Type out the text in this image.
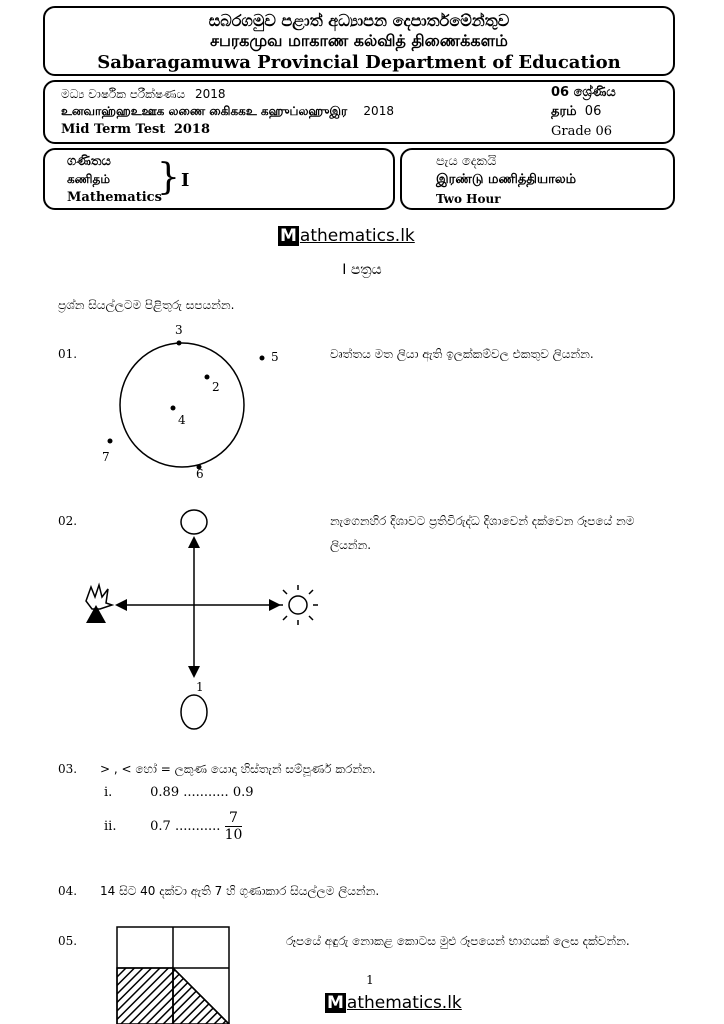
සබරගමුව පළාත් අධ්‍යාපන දෙපාර්තමේන්තුව
சபரகமுவ மாகாண கல்வித் திணைக்களம்
Sabaragamuwa Provincial Department of Education
මධ්‍ය වාර්ෂික පරීක්ෂණය 2018
உனவாஹ்ஹஉஊக லணை கிைககஉ கஹுப்லஹுஇர 2018
Mid Term Test 2018
06 ශ්‍රේණිය
தரம் 06
Grade 06
ගණිතය
கணிதம்
Mathematics
} I
පැය දෙකයි
இரண்டு மணித்தியாலம்
Two Hour
M athematics.lk
I පත්‍රය
ප්‍රශ්න සියල්ලටම පිළිතුරු සපයන්න.
01.	වෘත්තය මත ලියා ඇති ඉලක්කම්වල එකතුව ලියන්න.
3
5
2
4
7
6
02.	නැගෙනහිර දිශාවට ප්‍රතිවිරුද්ධ දිශාවෙන් දක්වෙන රූපයේ නම
ලියන්න.
1
03. > , < හෝ = ලකුණ යොදා හිස්තැන් සම්පූර්ණ කරන්න.
i.	0.89 ........... 0.9
ii.	0.7 ........... $\frac{7}{10}$
04. 14 සිට 40 දක්වා ඇති 7 හි ගුණාකාර සියල්ලම ලියන්න.
05.	රූපයේ අඳුරු නොකළ කොටස මුළු රූපයෙන් භාගයක් ලෙස දක්වන්න.
1
M athematics.lk
